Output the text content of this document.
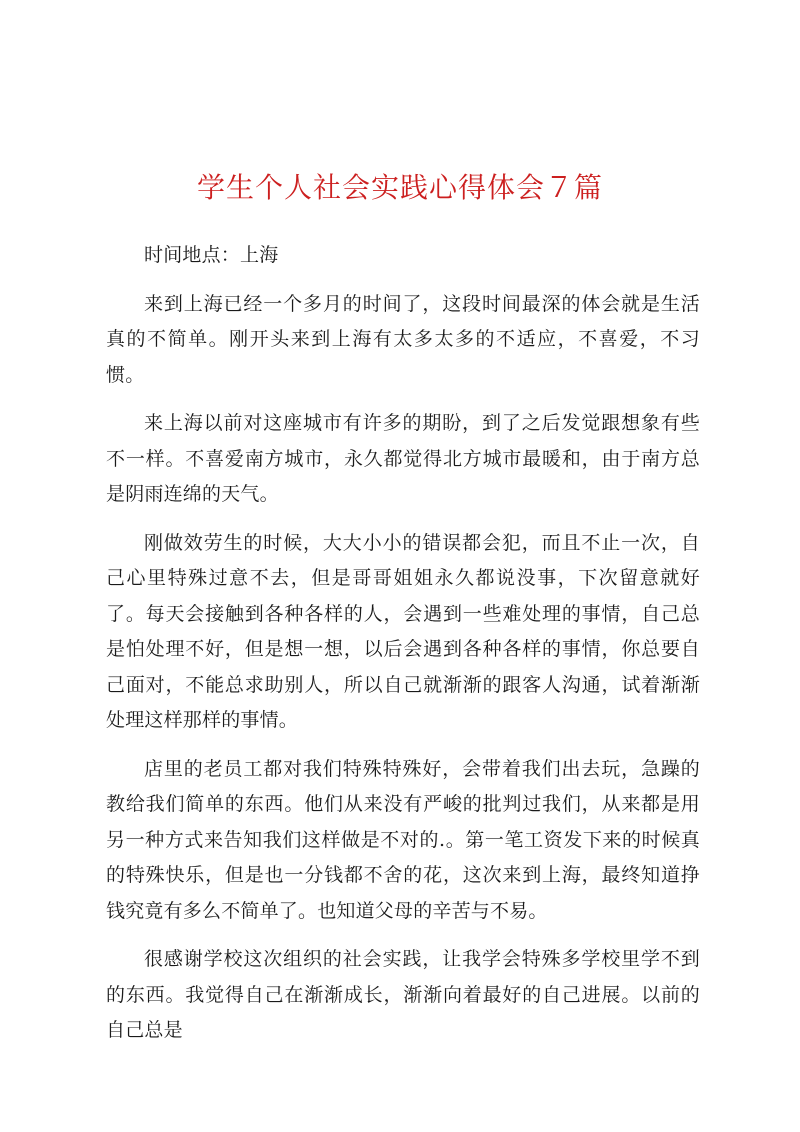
学生个人社会实践心得体会７篇

时间地点：上海

来到上海已经一个多月的时间了，这段时间最深的体会就是生活真的不简单。刚开头来到上海有太多太多的不适应，不喜爱，不习惯。

来上海以前对这座城市有许多的期盼，到了之后发觉跟想象有些不一样。不喜爱南方城市，永久都觉得北方城市最暖和，由于南方总是阴雨连绵的天气。

刚做效劳生的时候，大大小小的错误都会犯，而且不止一次，自己心里特殊过意不去，但是哥哥姐姐永久都说没事，下次留意就好了。每天会接触到各种各样的人，会遇到一些难处理的事情，自己总是怕处理不好，但是想一想，以后会遇到各种各样的事情，你总要自己面对，不能总求助别人，所以自己就渐渐的跟客人沟通，试着渐渐处理这样那样的事情。

店里的老员工都对我们特殊特殊好，会带着我们出去玩，急躁的教给我们简单的东西。他们从来没有严峻的批判过我们，从来都是用另一种方式来告知我们这样做是不对的.。第一笔工资发下来的时候真的特殊快乐，但是也一分钱都不舍的花，这次来到上海，最终知道挣钱究竟有多么不简单了。也知道父母的辛苦与不易。

很感谢学校这次组织的社会实践，让我学会特殊多学校里学不到的东西。我觉得自己在渐渐成长，渐渐向着最好的自己进展。以前的自己总是
